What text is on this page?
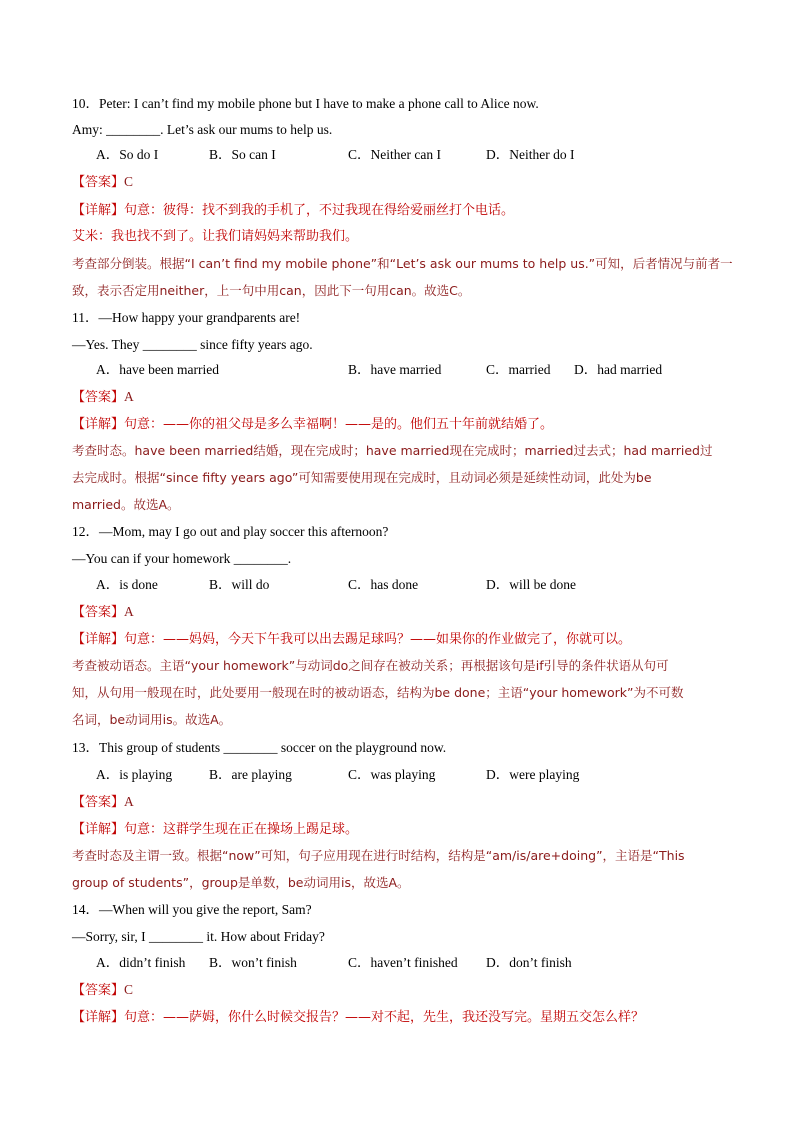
10．Peter: I can’t find my mobile phone but I have to make a phone call to Alice now.
Amy: ________. Let’s ask our mums to help us.
A．So do I	B．So can I	C．Neither can I	D．Neither do I
【答案】C
【详解】句意：彼得：找不到我的手机了，不过我现在得给爱丽丝打个电话。
艾米：我也找不到了。让我们请妈妈来帮助我们。
考查部分倒装。根据“I can’t find my mobile phone”和“Let’s ask our mums to help us.”可知，后者情况与前者一
致，表示否定用neither，上一句中用can，因此下一句用can。故选C。
11．—How happy your grandparents are!
—Yes. They ________ since fifty years ago.
A．have been married	B．have married	C．married D．had married
【答案】A
【详解】句意：——你的祖父母是多么幸福啊！——是的。他们五十年前就结婚了。
考查时态。have been married结婚，现在完成时；have married现在完成时；married过去式；had married过
去完成时。根据“since fifty years ago”可知需要使用现在完成时，且动词必须是延续性动词，此处为be
married。故选A。
12．—Mom, may I go out and play soccer this afternoon?
—You can if your homework ________.
A．is done	B．will do	C．has done	D．will be done
【答案】A
【详解】句意：——妈妈，今天下午我可以出去踢足球吗？——如果你的作业做完了，你就可以。
考查被动语态。主语“your homework”与动词do之间存在被动关系；再根据该句是if引导的条件状语从句可
知，从句用一般现在时，此处要用一般现在时的被动语态，结构为be done；主语“your homework”为不可数
名词，be动词用is。故选A。
13．This group of students ________ soccer on the playground now.
A．is playing	B．are playing	C．was playing	D．were playing
【答案】A
【详解】句意：这群学生现在正在操场上踢足球。
考查时态及主谓一致。根据“now”可知，句子应用现在进行时结构，结构是“am/is/are+doing”，主语是“This
group of students”，group是单数，be动词用is，故选A。
14．—When will you give the report, Sam?
—Sorry, sir, I ________ it. How about Friday?
A．didn’t finish B．won’t finish	C．haven’t finished D．don’t finish
【答案】C
【详解】句意：——萨姆，你什么时候交报告？——对不起，先生，我还没写完。星期五交怎么样？
